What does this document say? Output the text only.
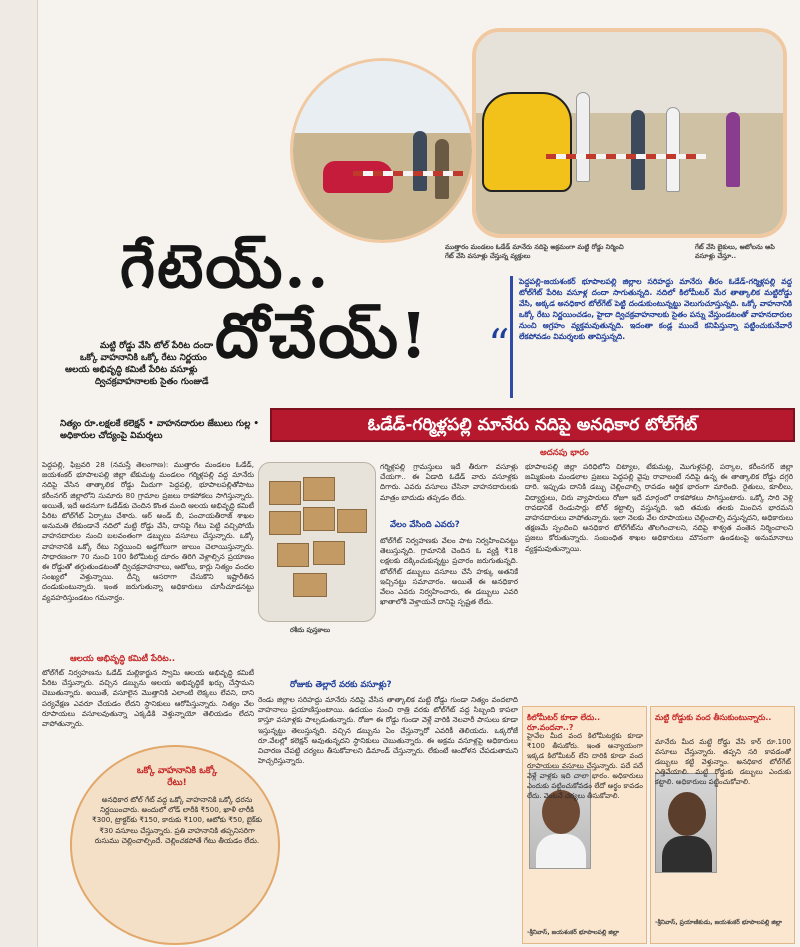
ముత్తారం మండలం ఓడేడ్ మానేరు నదిపై అక్రమంగా మట్టి రోడ్డు నిర్మించి గేట్ వేసి వసూళ్లు చేస్తున్న వ్యక్తులు
గేట్ వేసి బైకులు, ఆటోలను ఆపి వసూళ్లు చేస్తూ..
గేటెయ్..
దోచేయ్!	“
పెద్దపల్లి-జయశంకర్ భూపాలపల్లి జిల్లాల సరిహద్దు మానేరు తీరం ఓడేడ్-గర్మిళ్లపల్లి వద్ద టోల్‌గేట్ పేరిట వసూళ్ల దందా సాగుతున్నది. నదిలో కిలోమీటర్ మేర తాత్కాలిక మట్టిరోడ్డు వేసి, అక్కడ అనధికార టోల్‌గేట్ పెట్టి దండుకుంటున్నట్టు వెలుగుచూస్తున్నది. ఒక్కో వాహనానికి ఒక్కో రేటు నిర్ణయించడం, హైదా ద్విచక్రవాహనాలకు సైతం పన్ను వేస్తుండటంతో వాహనదారుల నుంచి ఆగ్రహం వ్యక్తమవుతున్నది. ఇదంతా కండ్ల ముందే కనిపిస్తున్నా పట్టించుకునేవారే లేకపోవడం విమర్శలకు తావిస్తున్నది.
మట్టి రోడ్డు వేసి టోల్ పేరిట దందా
ఒక్కో వాహనానికి ఒక్కో రేటు నిర్ణయం
ఆలయ అభివృద్ధి కమిటీ పేరిట వసూళ్లు
ద్విచక్రవాహనాలకు సైతం గుంజుడే
నిత్యం రూ.లక్షలకే కలెక్షన్ • వాహనదారుల జేబులు గుల్ల • అధికారుల చోద్యంపై విమర్శలు
ఓడేడ్-గర్మిళ్లపల్లి మానేరు నదిపై అనధికార టోల్‌గేట్
పెద్దపల్లి, ఫిబ్రవరి 28 (నమస్తే తెలంగాణ): ముత్తారం మండలం ఓడేడ్, జయశంకర్ భూపాలపల్లి జిల్లా టేకుమట్ల మండలం గర్మిళ్లపల్లి వద్ద మానేరు నదిపై వేసిన తాత్కాలిక రోడ్డు మీదుగా పెద్దపల్లి, భూపాలపల్లితోపాటు కరీంనగర్ జిల్లాలోని సుమారు 80 గ్రామాల ప్రజలు రాకపోకలు సాగిస్తున్నారు. అయితే, ఇదే అదనుగా ఓడేడ్‌కు చెందిన కొంత మంది ఆలయ అభివృద్ధి కమిటీ పేరిట టోల్‌గేట్ ఏర్పాటు చేశారు. ఆర్ అండ్ బీ, పంచాయతీరాజ్ శాఖల అనుమతి లేకుండానే నదిలో మట్టి రోడ్డు వేసి, దానిపై గేటు పెట్టి వచ్చిపోయే వాహనదారుల నుంచి బలవంతంగా డబ్బులు వసూలు చేస్తున్నారు. ఒక్కో వాహనానికి ఒక్కో రేటు నిర్ణయించి అడ్డగోలుగా జులుం చెలాయిస్తున్నారు. సాధారణంగా 70 నుంచి 100 కిలోమీటర్ల దూరం తిరిగి వెళ్లాల్సిన ప్రయాణం ఈ రోడ్డుతో తగ్గుతుండటంతో ద్విచక్రవాహనాలు, ఆటోలు, కార్లు నిత్యం వందల సంఖ్యలో వెళ్తున్నాయి. దీన్ని ఆసరాగా చేసుకొని ఇష్టారీతిన దండుకుంటున్నారు. ఇంత జరుగుతున్నా అధికారులు చూసీచూడనట్టు వ్యవహరిస్తుండటం గమనార్హం.
ఆలయ అభివృద్ధి కమిటీ పేరిట..
టోల్‌గేట్ నిర్వహణను ఓడేడ్ మల్లికార్జున స్వామి ఆలయ అభివృద్ధి కమిటీ పేరిట చేస్తున్నారు. వచ్చిన డబ్బును ఆలయ అభివృద్ధికే ఖర్చు చేస్తామని చెబుతున్నారు. అయితే, వసూలైన మొత్తానికి ఎలాంటి లెక్కలు లేవని, దాని పర్యవేక్షణ ఎవరూ చేయడం లేదని స్థానికులు ఆరోపిస్తున్నారు. నిత్యం వేల రూపాయలు వసూలవుతున్నా ఎక్కడికి వెళ్తున్నాయో తెలియడం లేదని వాపోతున్నారు.
ఒక్కో వాహనానికి ఒక్కో రేటు!
అనధికార టోల్ గేట్ వద్ద ఒక్కో వాహనానికి ఒక్కో ధరను నిర్ణయించారు. అందులో లోడ్ లారీకి ₹500, ఖాళీ లారీకి ₹300, ట్రాక్టర్‌కు ₹150, కారుకు ₹100, ఆటోకు ₹50, బైక్‌కు ₹30 వసూలు చేస్తున్నారు. ప్రతి వాహనానికి తప్పనిసరిగా రుసుము చెల్లించాల్సిందే. చెల్లించకపోతే గేటు తీయడం లేదు.
రశీదు పుస్తకాలు
గర్మిళ్లపల్లి గ్రామస్తులు ఇదే తీరుగా వసూళ్లు చేయగా.. ఈ ఏడాది ఓడేడ్ వారు వసూళ్లకు దిగారు. ఎవరు వసూలు చేసినా వాహనదారులకు మాత్రం బాదుడు తప్పడం లేదు.
వేలం వేసింది ఎవరు?
టోల్‌గేట్ నిర్వహణకు వేలం పాట నిర్వహించినట్టు తెలుస్తున్నది. గ్రామానికి చెందిన ఓ వ్యక్తి ₹18 లక్షలకు దక్కించుకున్నట్టు ప్రచారం జరుగుతున్నది. టోల్‌గేట్ డబ్బులు వసూలు చేసే హక్కు అతనికే ఇచ్చినట్టు సమాచారం. అయితే ఈ అనధికార వేలం ఎవరు నిర్వహించారు, ఈ డబ్బులు ఎవరి ఖాతాలోకి వెళ్తాయనే దానిపై స్పష్టత లేదు.
రోజుకు తెల్లారే వరకు వసూళ్లు?
రెండు జిల్లాల సరిహద్దు మానేరు నదిపై వేసిన తాత్కాలిక మట్టి రోడ్డు గుండా నిత్యం వందలాది వాహనాలు ప్రయాణిస్తుంటాయి. ఉదయం నుంచి రాత్రి వరకు టోల్‌గేట్ వద్ద సిబ్బంది కాపలా కాస్తూ వసూళ్లకు పాల్పడుతున్నారు. రోజూ ఈ రోడ్డు గుండా వెళ్లే వారికి నెలవారీ పాసులు కూడా ఇస్తున్నట్టు తెలుస్తున్నది. వచ్చిన డబ్బును ఏం చేస్తున్నారో ఎవరికీ తెలియదు. ఒక్కరోజే రూ.వేలల్లో కలెక్షన్ అవుతున్నదని స్థానికులు చెబుతున్నారు. ఈ అక్రమ వసూళ్లపై అధికారులు విచారణ చేపట్టి చర్యలు తీసుకోవాలని డిమాండ్ చేస్తున్నారు. లేకుంటే ఆందోళన చేపడుతామని హెచ్చరిస్తున్నారు.
అదనపు భారం
భూపాలపల్లి జిల్లా పరిధిలోని చిట్యాల, టేకుమట్ల, మొగుళ్లపల్లి, పర్కాల, కరీంనగర్ జిల్లా జమ్మికుంట మండలాల ప్రజలు పెద్దపల్లి వైపు రావాలంటే నదిపై ఉన్న ఈ తాత్కాలిక రోడ్డు దగ్గరి దారి. ఇప్పుడు దానికి డబ్బు చెల్లించాల్సి రావడం ఆర్థిక భారంగా మారింది. రైతులు, కూలీలు, విద్యార్థులు, చిరు వ్యాపారులు రోజూ ఇదే మార్గంలో రాకపోకలు సాగిస్తుంటారు. ఒక్కో సారి వెళ్లి రావడానికే రెండుసార్లు టోల్ కట్టాల్సి వస్తున్నది. ఇది తమకు తలకు మించిన భారమని వాహనదారులు వాపోతున్నారు. ఇలా నెలకు వేల రూపాయలు చెల్లించాల్సి వస్తున్నదని, అధికారులు తక్షణమే స్పందించి అనధికార టోల్‌గేట్‌ను తొలగించాలని, నదిపై శాశ్వత వంతెన నిర్మించాలని ప్రజలు కోరుతున్నారు. సంబంధిత శాఖల అధికారులు మౌనంగా ఉండటంపై అనుమానాలు వ్యక్తమవుతున్నాయి.
కిలోమీటర్ కూడా లేదు.. రూ.వందనా..?
హైవేల మీద వంద కిలోమీటర్లకు కూడా ₹100 తీసుకోరు. ఇంత అన్యాయంగా ఇక్కడ కిలోమీటర్ లేని దారికి కూడా వంద రూపాయలు వసూలు చేస్తున్నారు. పదే పదే వెళ్లే వాళ్లకు ఇది చాలా భారం. అధికారులు ఎందుకు పట్టించుకోవడం లేదో అర్థం కావడం లేదు. వెంటనే చర్యలు తీసుకోవాలి.
-శ్రీనివాస్, జయశంకర్ భూపాలపల్లి జిల్లా
మట్టి రోడ్డుకు వంద తీసుకుంటున్నారు..
మానేరు మీద మట్టి రోడ్డు వేసి కార్ రూ.100 వసూలు చేస్తున్నారు. తప్పని సరి కావడంతో డబ్బులు కట్టి వెళ్తున్నాం. అనధికార టోల్‌గేట్ ఎత్తివేయాలి. మట్టి రోడ్డుకు డబ్బులు ఎందుకు కట్టాలి. అధికారులు పట్టించుకోవాలి.
-శ్రీనివాస్, ప్రయాణికుడు, జయశంకర్ భూపాలపల్లి జిల్లా
